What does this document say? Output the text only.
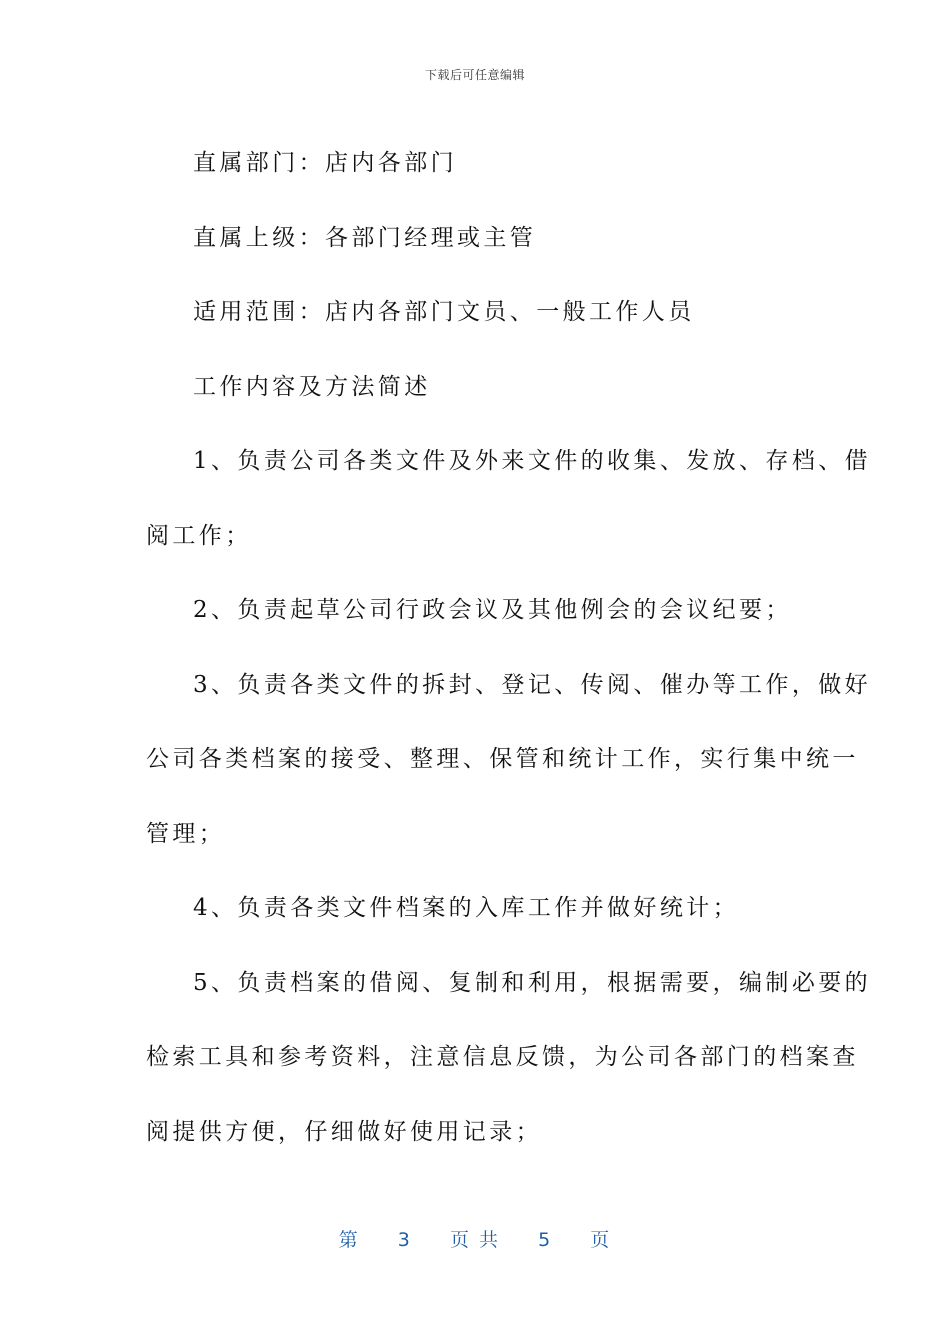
下载后可任意编辑
直属部门：店内各部门
直属上级：各部门经理或主管
适用范围：店内各部门文员、一般工作人员
工作内容及方法简述
1、负责公司各类文件及外来文件的收集、发放、存档、借
阅工作；
2、负责起草公司行政会议及其他例会的会议纪要；
3、负责各类文件的拆封、登记、传阅、催办等工作，做好
公司各类档案的接受、整理、保管和统计工作，实行集中统一
管理；
4、负责各类文件档案的入库工作并做好统计；
5、负责档案的借阅、复制和利用，根据需要，编制必要的
检索工具和参考资料，注意信息反馈，为公司各部门的档案查
阅提供方便，仔细做好使用记录；
第 3 页 共 5 页
